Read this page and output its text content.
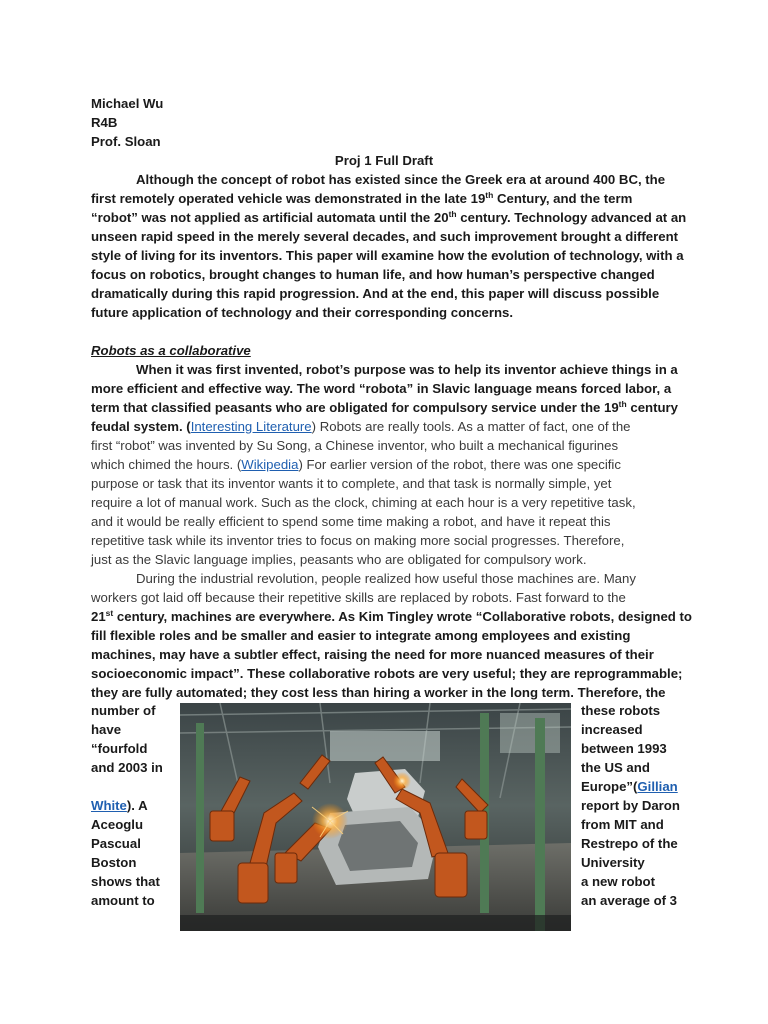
Michael Wu
R4B
Prof. Sloan
Proj 1 Full Draft
Although the concept of robot has existed since the Greek era at around 400 BC, the
first remotely operated vehicle was demonstrated in the late 19th Century, and the term
“robot” was not applied as artificial automata until the 20th century. Technology advanced at an
unseen rapid speed in the merely several decades, and such improvement brought a different
style of living for its inventors. This paper will examine how the evolution of technology, with a
focus on robotics, brought changes to human life, and how human’s perspective changed
dramatically during this rapid progression. And at the end, this paper will discuss possible
future application of technology and their corresponding concerns.
Robots as a collaborative
When it was first invented, robot’s purpose was to help its inventor achieve things in a
more efficient and effective way. The word “robota” in Slavic language means forced labor, a
term that classified peasants who are obligated for compulsory service under the 19th century
feudal system. (Interesting Literature) Robots are really tools. As a matter of fact, one of the
first “robot” was invented by Su Song, a Chinese inventor, who built a mechanical figurines
which chimed the hours. (Wikipedia) For earlier version of the robot, there was one specific
purpose or task that its inventor wants it to complete, and that task is normally simple, yet
require a lot of manual work. Such as the clock, chiming at each hour is a very repetitive task,
and it would be really efficient to spend some time making a robot, and have it repeat this
repetitive task while its inventor tries to focus on making more social progresses. Therefore,
just as the Slavic language implies, peasants who are obligated for compulsory work.
During the industrial revolution, people realized how useful those machines are. Many
workers got laid off because their repetitive skills are replaced by robots. Fast forward to the
21st century, machines are everywhere. As Kim Tingley wrote “Collaborative robots, designed to
fill flexible roles and be smaller and easier to integrate among employees and existing
machines, may have a subtler effect, raising the need for more nuanced measures of their
socioeconomic impact”. These collaborative robots are very useful; they are reprogrammable;
they are fully automated; they cost less than hiring a worker in the long term. Therefore, the
number of
have
“fourfold
and 2003 in
White). A
Aceoglu
Pascual
Boston
shows that
amount to
these robots
increased
between 1993
the US and
Europe”(Gillian
report by Daron
from MIT and
Restrepo of the
University
a new robot
an average of 3
